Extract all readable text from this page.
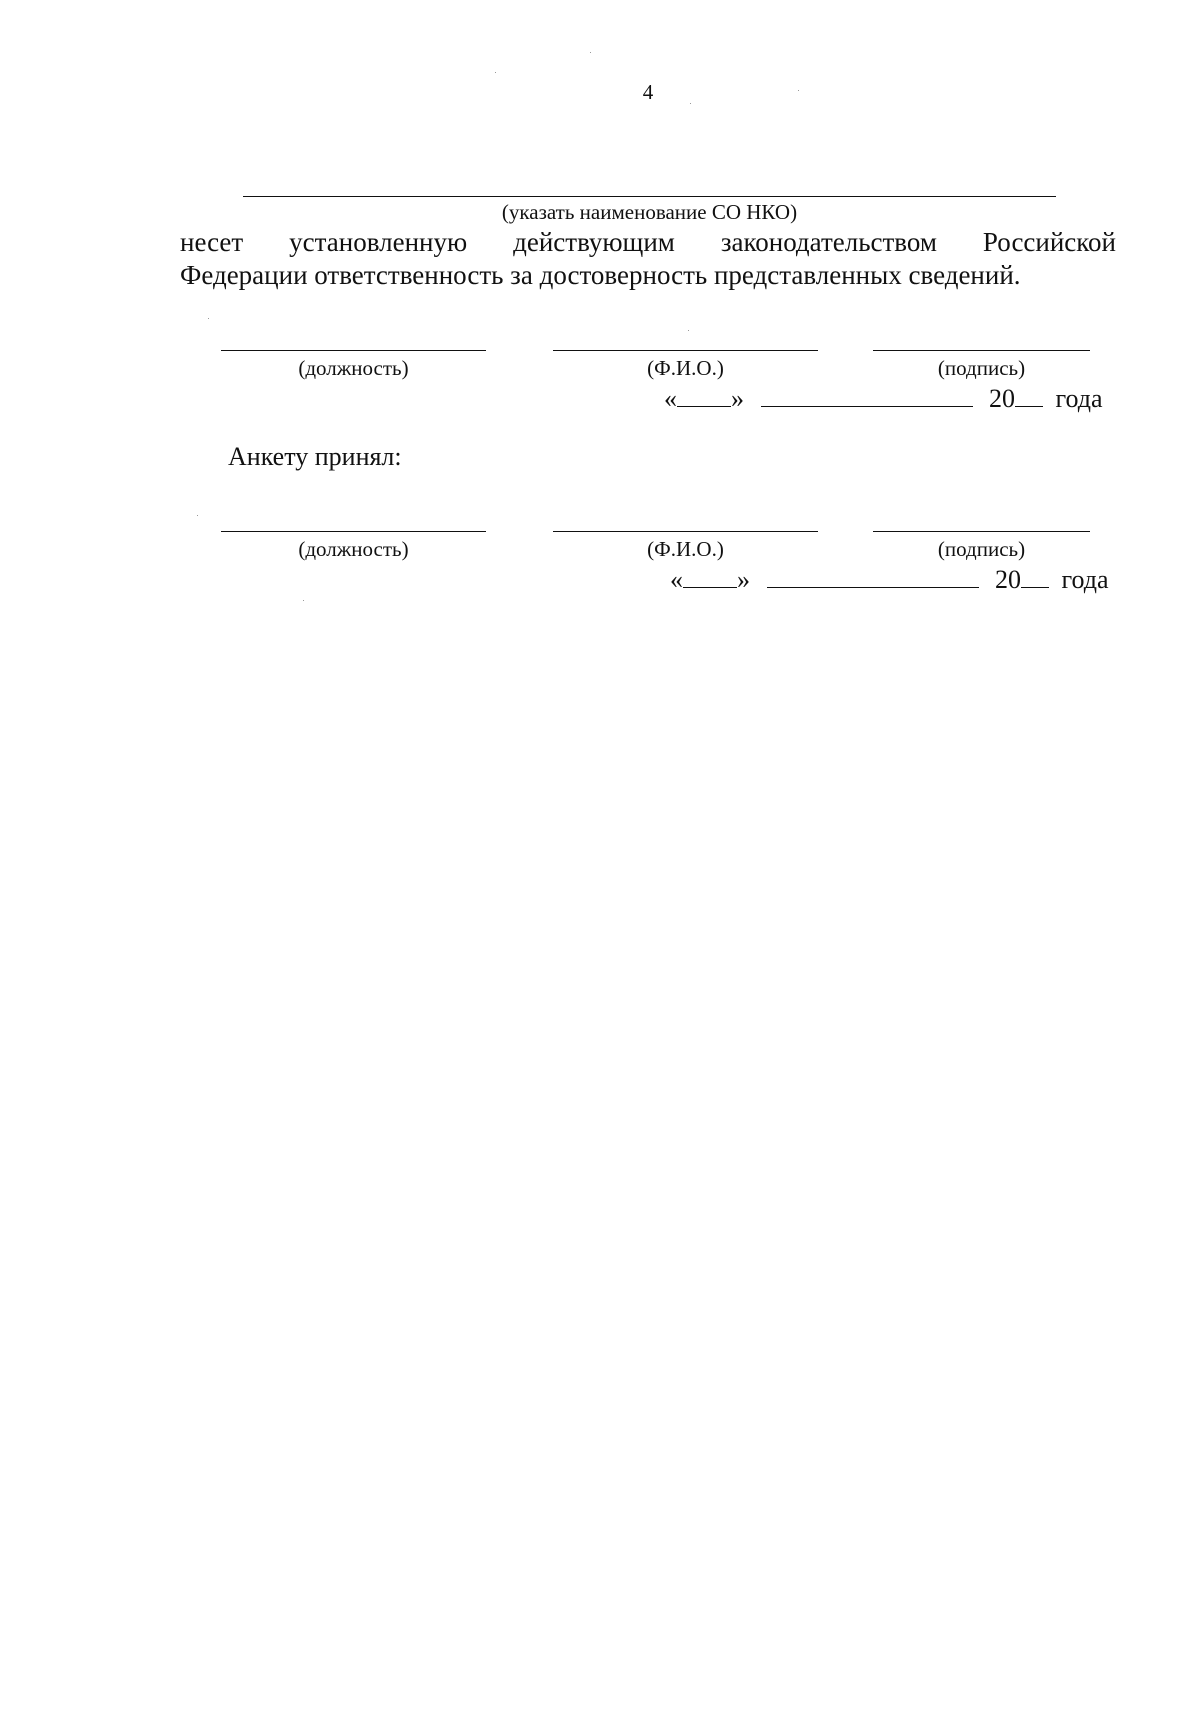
4
(указать наименование СО НКО)
несет установленную действующим законодательством Российской
Федерации ответственность за достоверность представленных сведений.
(должность)	(Ф.И.О.)	(подпись)
« »	20 года
Анкету принял:
(должность)	(Ф.И.О.)	(подпись)
« »	20 года
